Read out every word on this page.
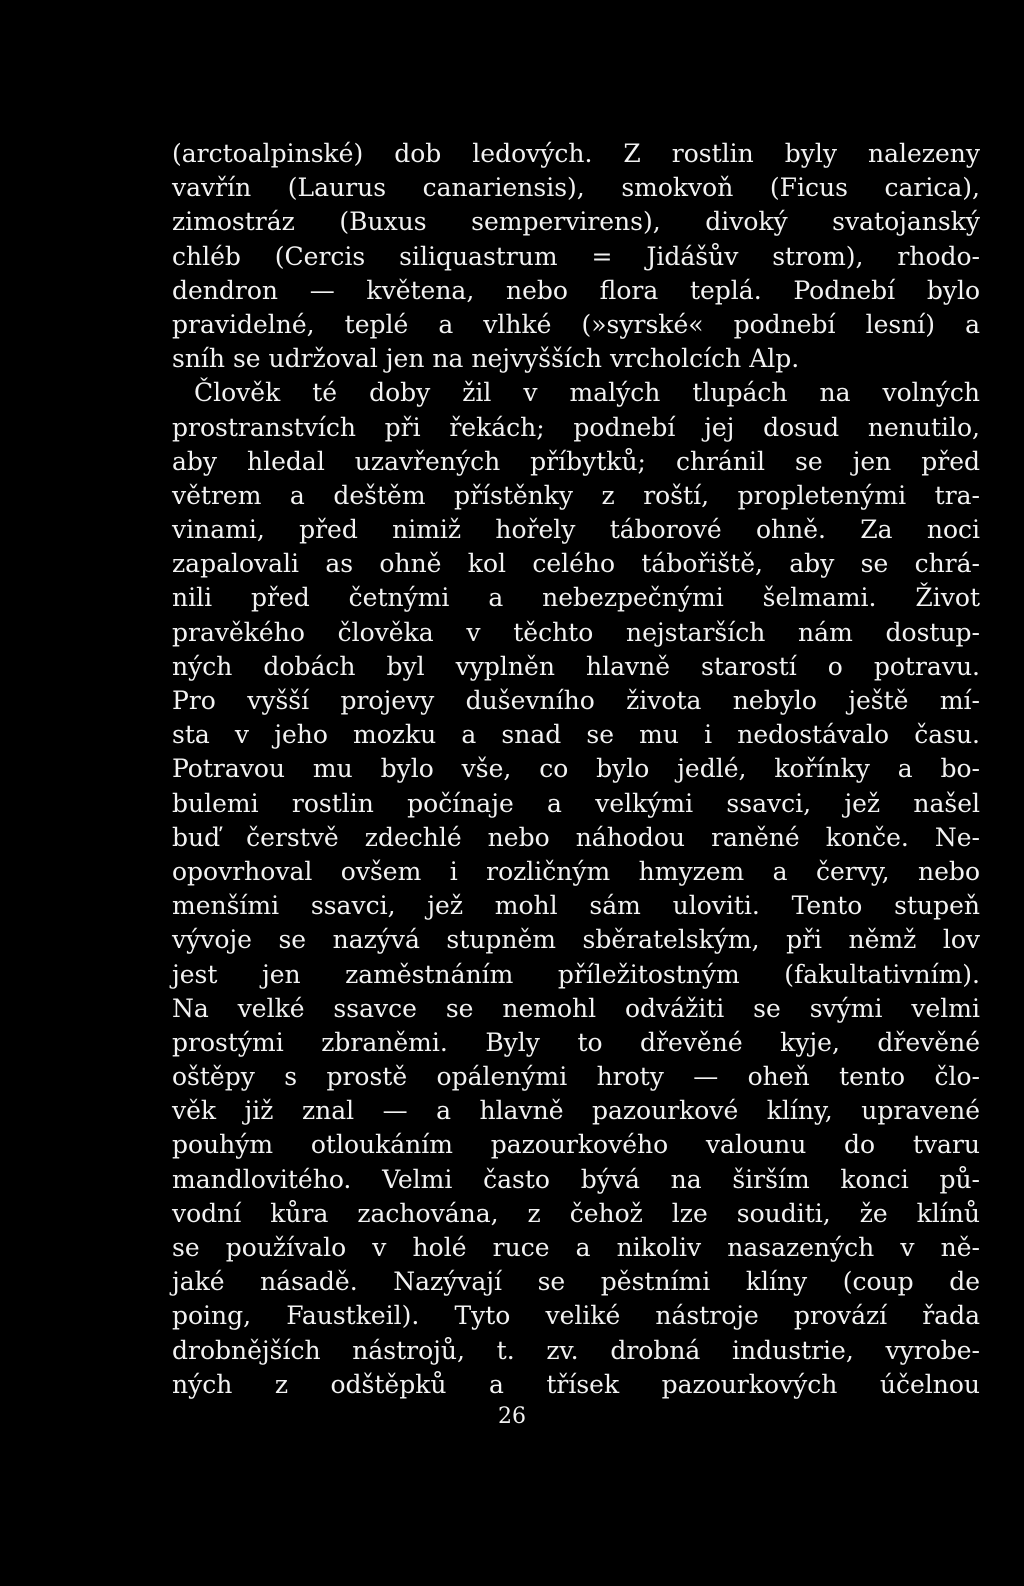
(arctoalpinské) dob ledových. Z rostlin byly nalezeny
vavřín (Laurus canariensis), smokvoň (Ficus carica),
zimostráz (Buxus sempervirens), divoký svatojanský
chléb (Cercis siliquastrum = Jidášův strom), rhodo-
dendron — květena, nebo flora teplá. Podnebí bylo
pravidelné, teplé a vlhké (»syrské« podnebí lesní) a
sníh se udržoval jen na nejvyšších vrcholcích Alp.
Člověk té doby žil v malých tlupách na volných
prostranstvích při řekách; podnebí jej dosud nenutilo,
aby hledal uzavřených příbytků; chránil se jen před
větrem a deštěm přístěnky z roští, propletenými tra-
vinami, před nimiž hořely táborové ohně. Za noci
zapalovali as ohně kol celého tábořiště, aby se chrá-
nili před četnými a nebezpečnými šelmami. Život
pravěkého člověka v těchto nejstarších nám dostup-
ných dobách byl vyplněn hlavně starostí o potravu.
Pro vyšší projevy duševního života nebylo ještě mí-
sta v jeho mozku a snad se mu i nedostávalo času.
Potravou mu bylo vše, co bylo jedlé, kořínky a bo-
bulemi rostlin počínaje a velkými ssavci, jež našel
buď čerstvě zdechlé nebo náhodou raněné konče. Ne-
opovrhoval ovšem i rozličným hmyzem a červy, nebo
menšími ssavci, jež mohl sám uloviti. Tento stupeň
vývoje se nazývá stupněm sběratelským, při němž lov
jest jen zaměstnáním příležitostným (fakultativním).
Na velké ssavce se nemohl odvážiti se svými velmi
prostými zbraněmi. Byly to dřevěné kyje, dřevěné
oštěpy s prostě opálenými hroty — oheň tento člo-
věk již znal — a hlavně pazourkové klíny, upravené
pouhým otloukáním pazourkového valounu do tvaru
mandlovitého. Velmi často bývá na širším konci pů-
vodní kůra zachována, z čehož lze souditi, že klínů
se používalo v holé ruce a nikoliv nasazených v ně-
jaké násadě. Nazývají se pěstními klíny (coup de
poing, Faustkeil). Tyto veliké nástroje provází řada
drobnějších nástrojů, t. zv. drobná industrie, vyrobe-
ných z odštěpků a třísek pazourkových účelnou
26
